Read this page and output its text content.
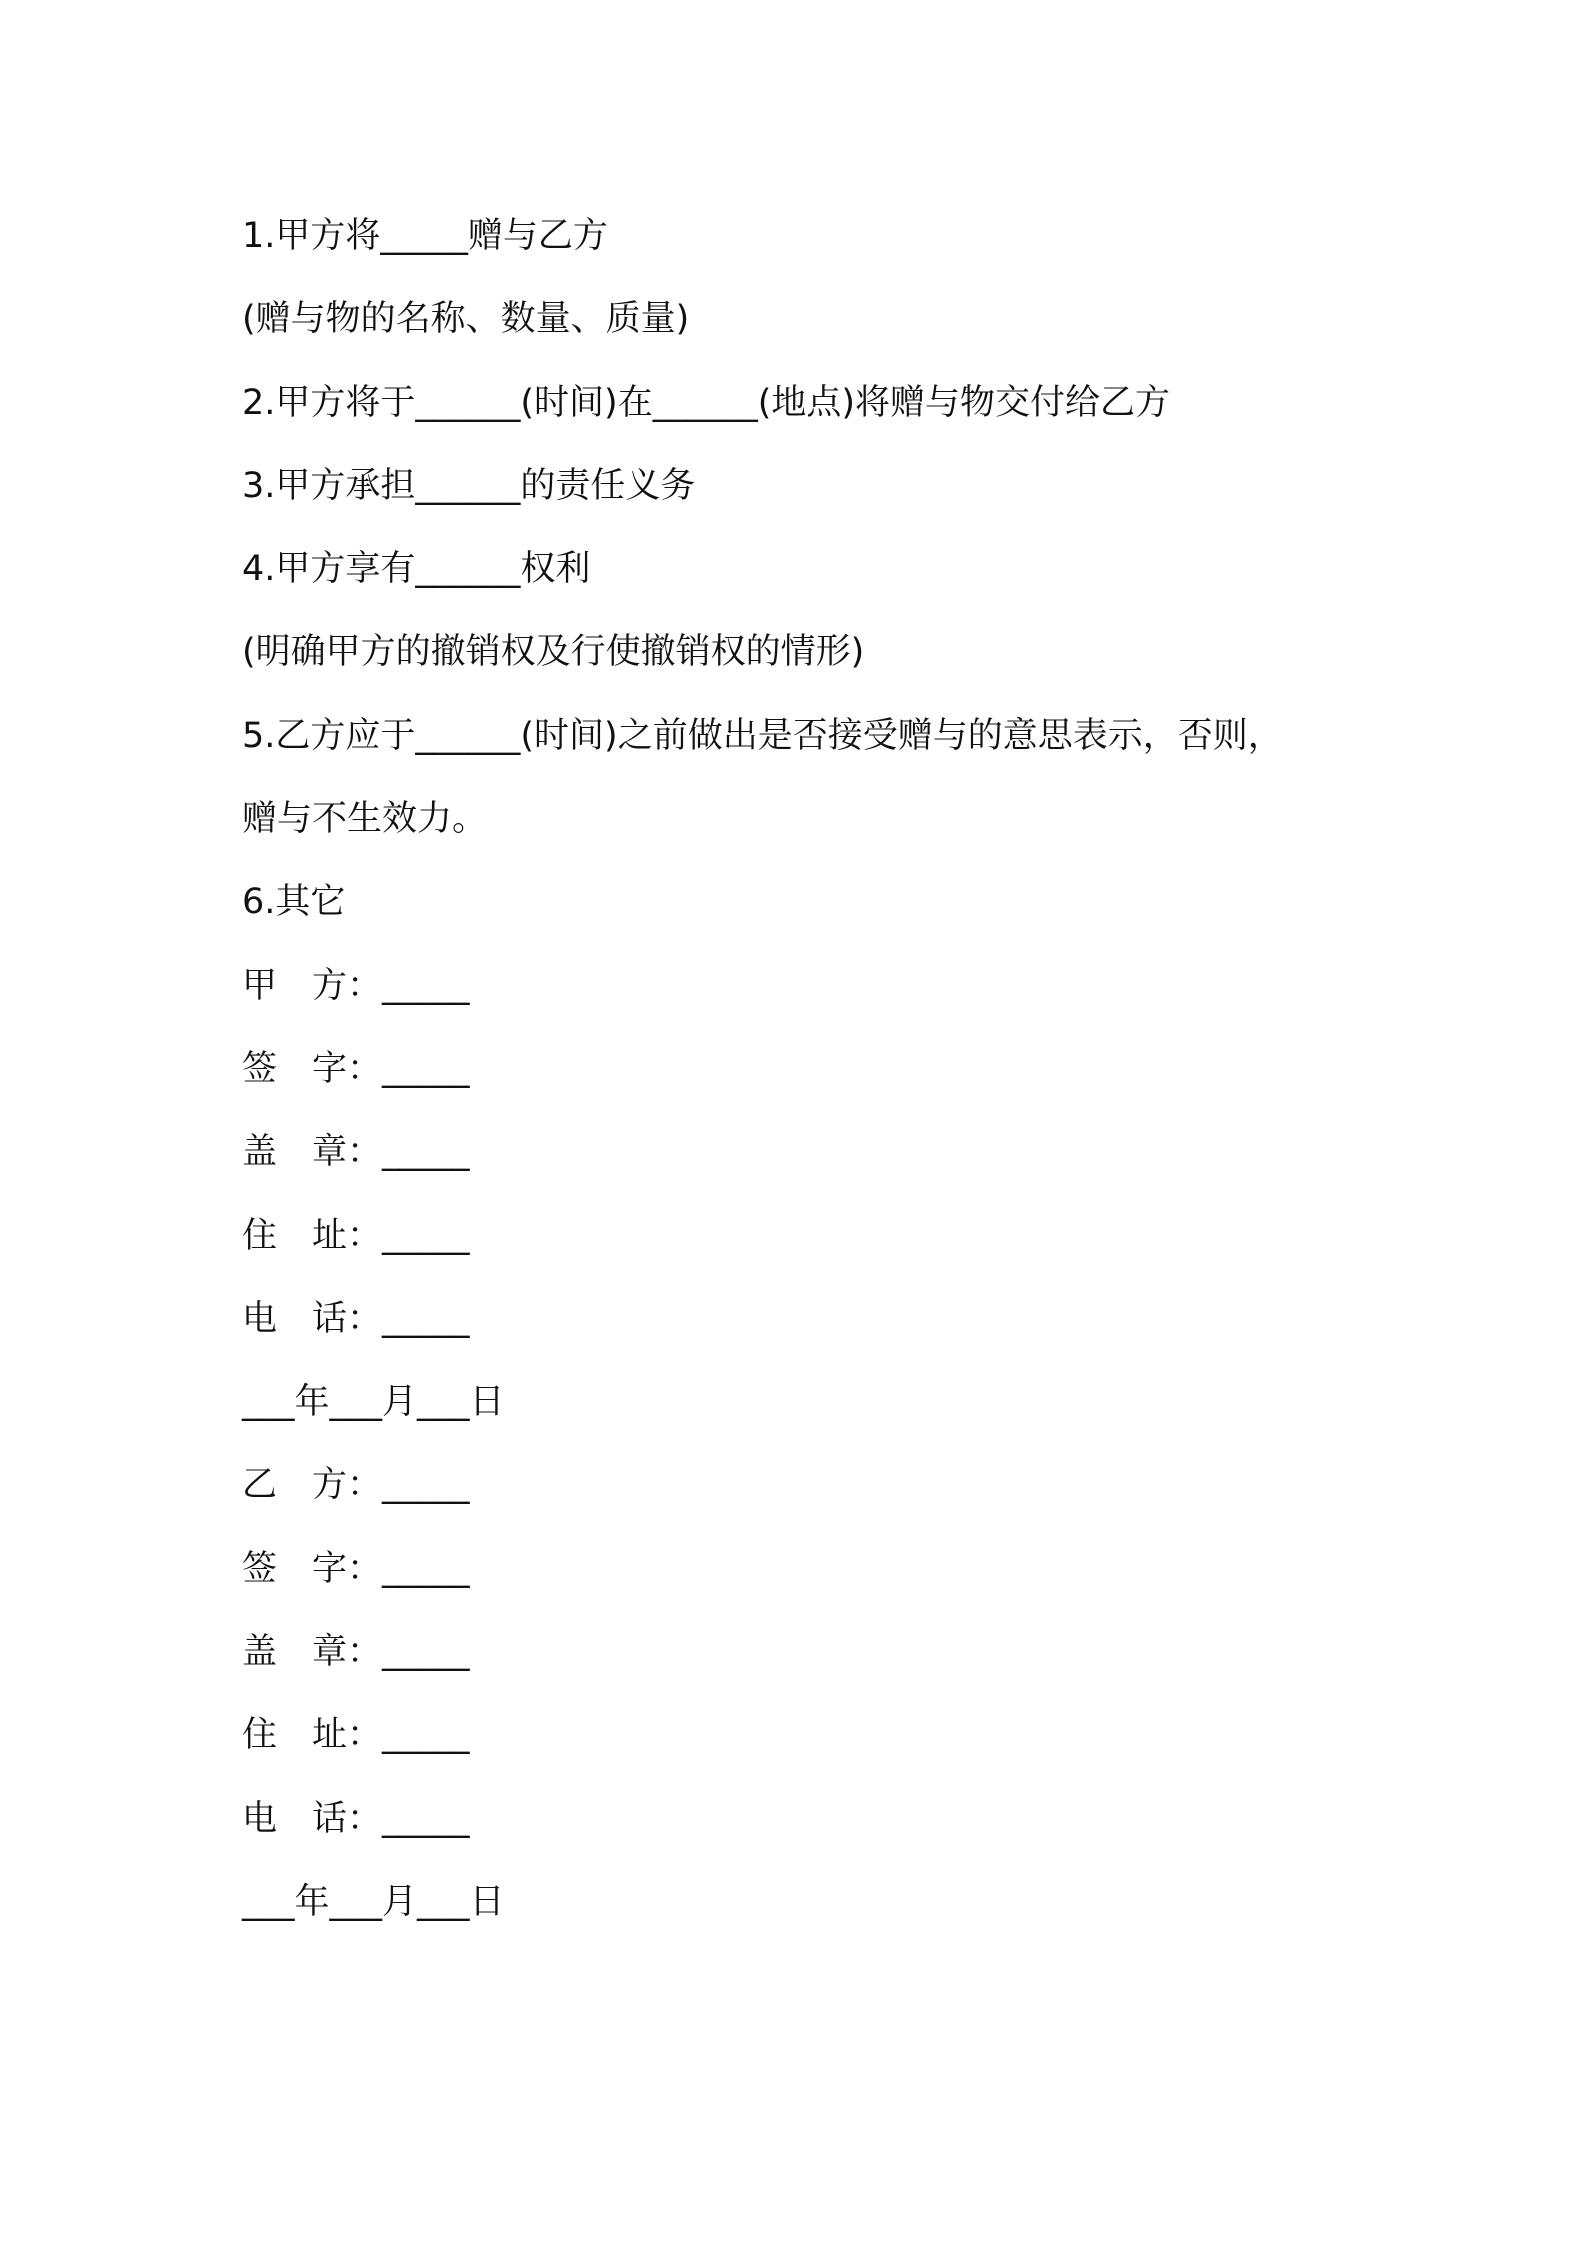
1.甲方将_____赠与乙方
(赠与物的名称、数量、质量)
2.甲方将于______(时间)在______(地点)将赠与物交付给乙方
3.甲方承担______的责任义务
4.甲方享有______权利
(明确甲方的撤销权及行使撤销权的情形)
5.乙方应于______(时间)之前做出是否接受赠与的意思表示，否则，
赠与不生效力。
6.其它
甲　方：_____
签　字：_____
盖　章：_____
住　址：_____
电　话：_____
___年___月___日
乙　方：_____
签　字：_____
盖　章：_____
住　址：_____
电　话：_____
___年___月___日
